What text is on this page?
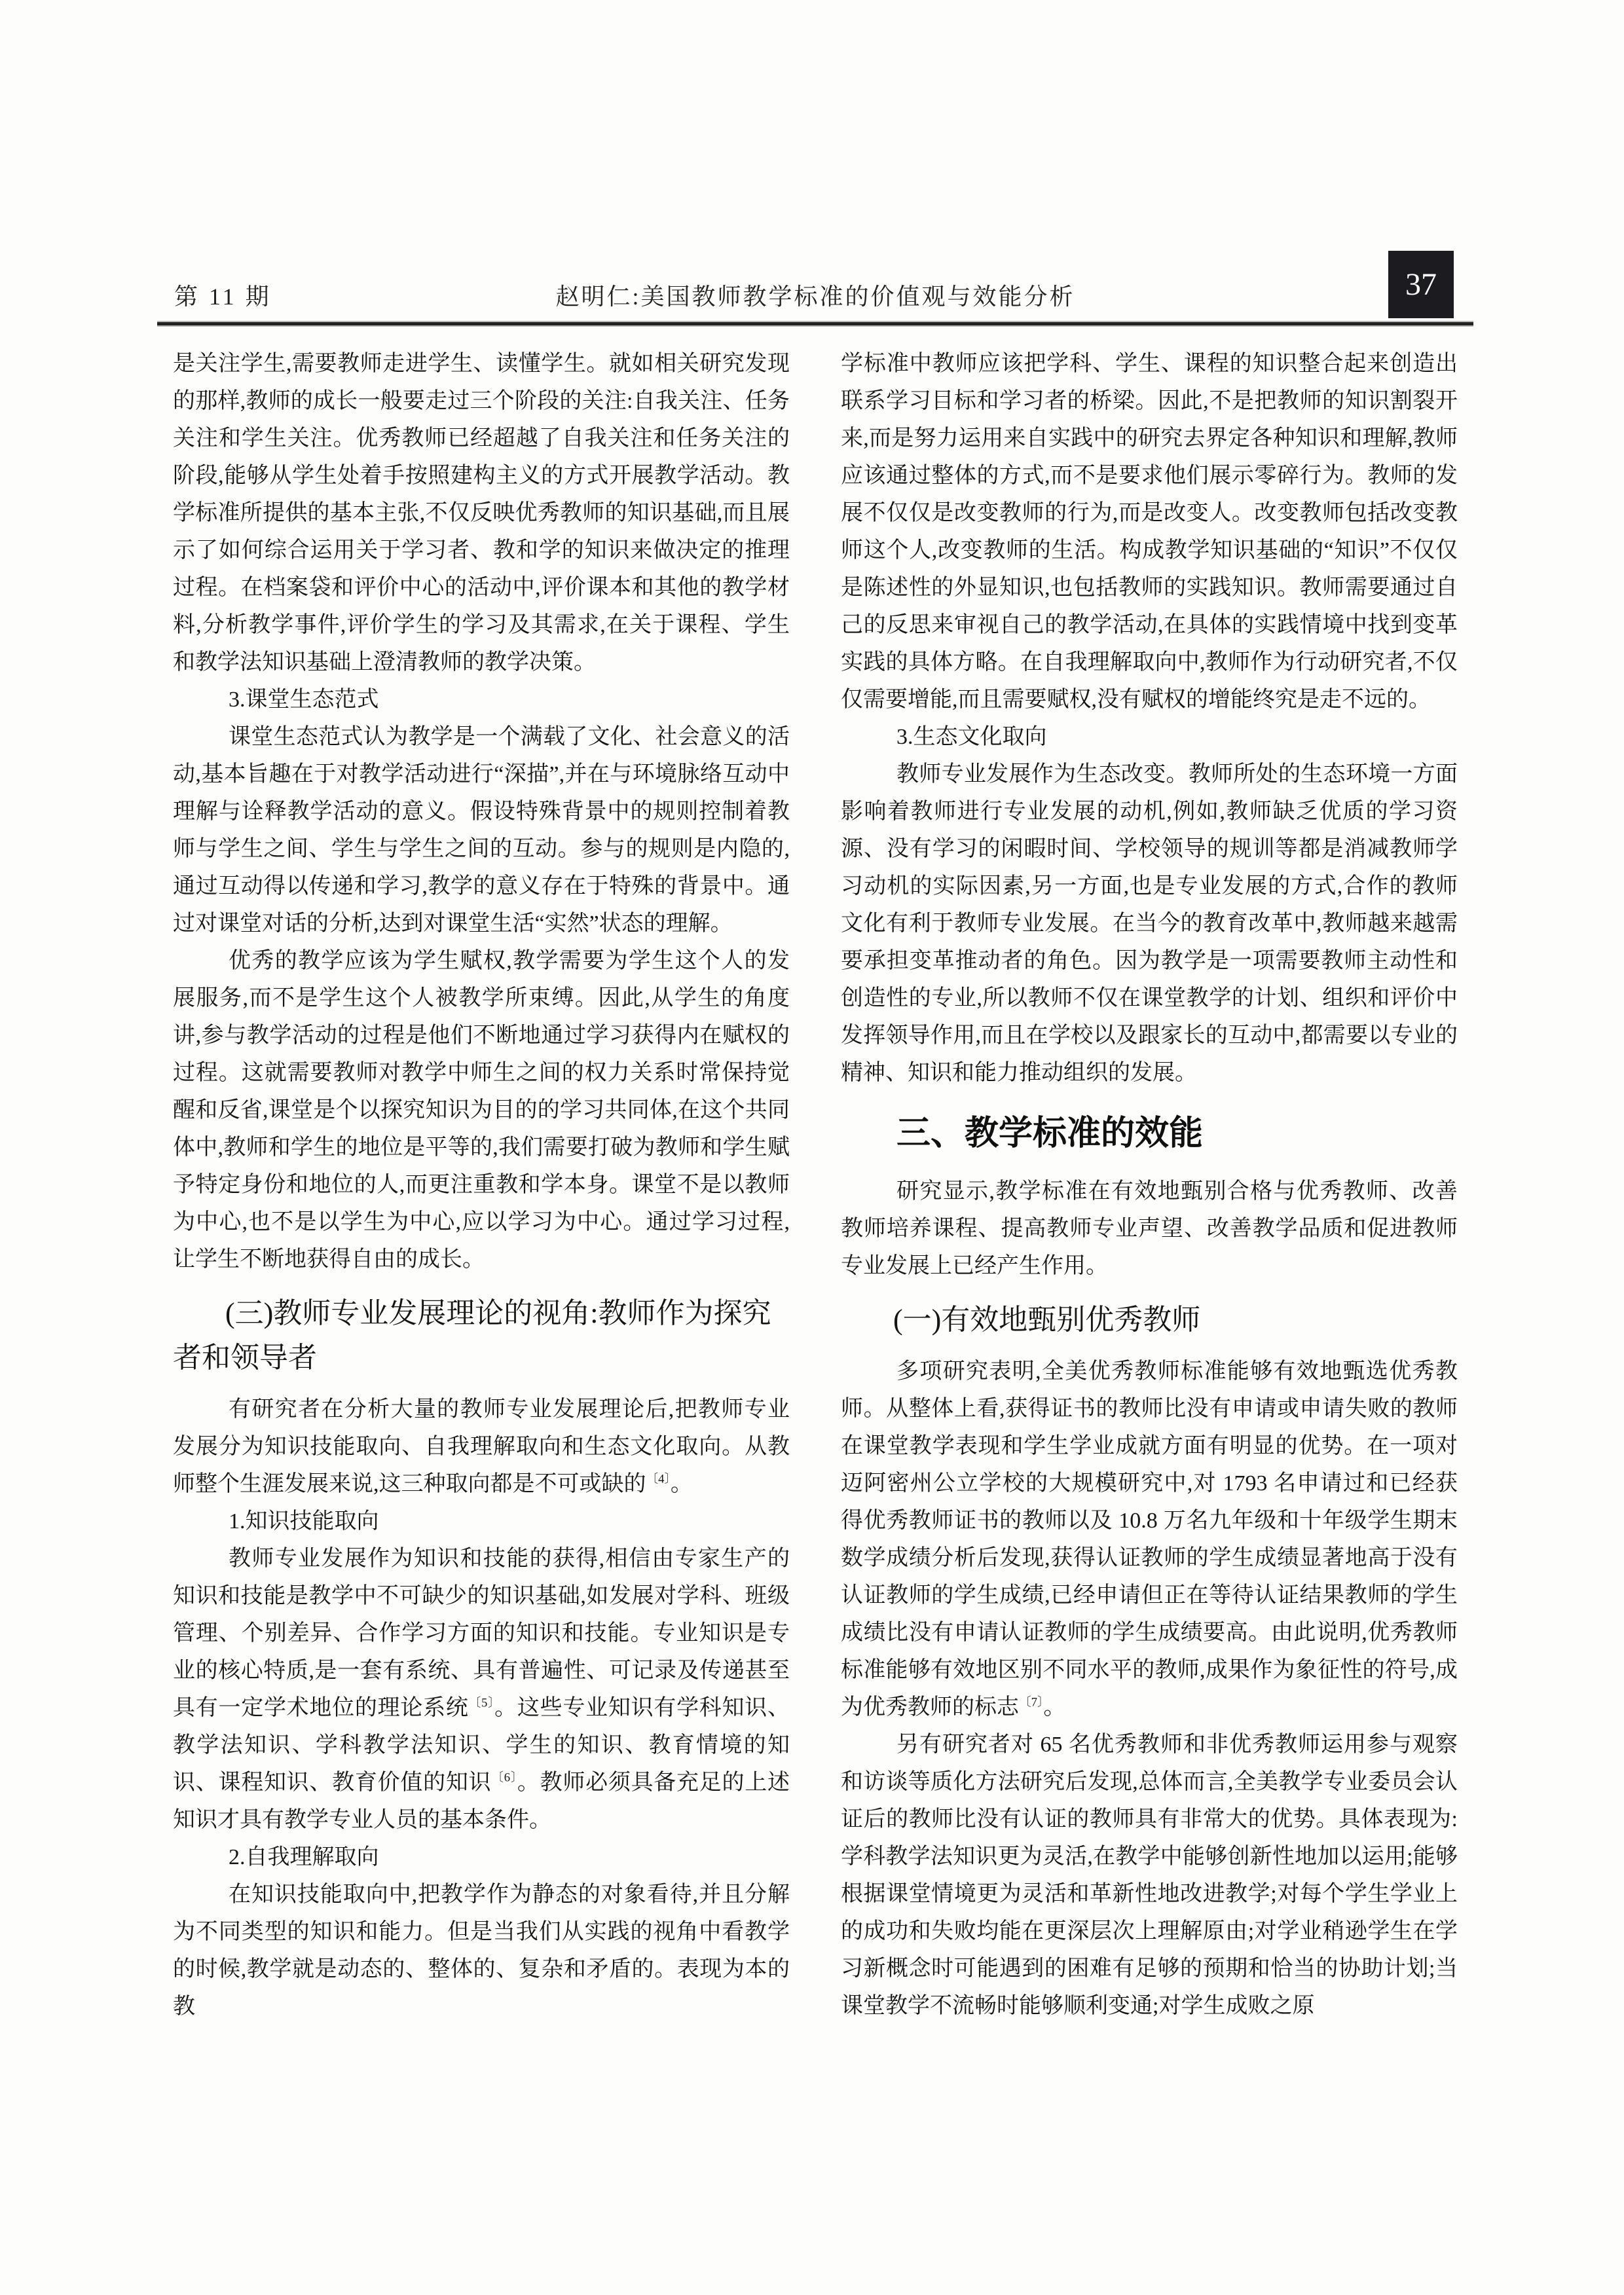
第 11 期	赵明仁:美国教师教学标准的价值观与效能分析	37

是关注学生,需要教师走进学生、读懂学生。就如相关研究发现的那样,教师的成长一般要走过三个阶段的关注:自我关注、任务关注和学生关注。优秀教师已经超越了自我关注和任务关注的阶段,能够从学生处着手按照建构主义的方式开展教学活动。教学标准所提供的基本主张,不仅反映优秀教师的知识基础,而且展示了如何综合运用关于学习者、教和学的知识来做决定的推理过程。在档案袋和评价中心的活动中,评价课本和其他的教学材料,分析教学事件,评价学生的学习及其需求,在关于课程、学生和教学法知识基础上澄清教师的教学决策。

3.课堂生态范式

课堂生态范式认为教学是一个满载了文化、社会意义的活动,基本旨趣在于对教学活动进行“深描”,并在与环境脉络互动中理解与诠释教学活动的意义。假设特殊背景中的规则控制着教师与学生之间、学生与学生之间的互动。参与的规则是内隐的,通过互动得以传递和学习,教学的意义存在于特殊的背景中。通过对课堂对话的分析,达到对课堂生活“实然”状态的理解。

优秀的教学应该为学生赋权,教学需要为学生这个人的发展服务,而不是学生这个人被教学所束缚。因此,从学生的角度讲,参与教学活动的过程是他们不断地通过学习获得内在赋权的过程。这就需要教师对教学中师生之间的权力关系时常保持觉醒和反省,课堂是个以探究知识为目的的学习共同体,在这个共同体中,教师和学生的地位是平等的,我们需要打破为教师和学生赋予特定身份和地位的人,而更注重教和学本身。课堂不是以教师为中心,也不是以学生为中心,应以学习为中心。通过学习过程,让学生不断地获得自由的成长。

(三)教师专业发展理论的视角:教师作为探究者和领导者

有研究者在分析大量的教师专业发展理论后,把教师专业发展分为知识技能取向、自我理解取向和生态文化取向。从教师整个生涯发展来说,这三种取向都是不可或缺的$^{〔4〕}$。

1.知识技能取向

教师专业发展作为知识和技能的获得,相信由专家生产的知识和技能是教学中不可缺少的知识基础,如发展对学科、班级管理、个别差异、合作学习方面的知识和技能。专业知识是专业的核心特质,是一套有系统、具有普遍性、可记录及传递甚至具有一定学术地位的理论系统$^{〔5〕}$。这些专业知识有学科知识、教学法知识、学科教学法知识、学生的知识、教育情境的知识、课程知识、教育价值的知识$^{〔6〕}$。教师必须具备充足的上述知识才具有教学专业人员的基本条件。

2.自我理解取向

在知识技能取向中,把教学作为静态的对象看待,并且分解为不同类型的知识和能力。但是当我们从实践的视角中看教学的时候,教学就是动态的、整体的、复杂和矛盾的。表现为本的教

学标准中教师应该把学科、学生、课程的知识整合起来创造出联系学习目标和学习者的桥梁。因此,不是把教师的知识割裂开来,而是努力运用来自实践中的研究去界定各种知识和理解,教师应该通过整体的方式,而不是要求他们展示零碎行为。教师的发展不仅仅是改变教师的行为,而是改变人。改变教师包括改变教师这个人,改变教师的生活。构成教学知识基础的“知识”不仅仅是陈述性的外显知识,也包括教师的实践知识。教师需要通过自己的反思来审视自己的教学活动,在具体的实践情境中找到变革实践的具体方略。在自我理解取向中,教师作为行动研究者,不仅仅需要增能,而且需要赋权,没有赋权的增能终究是走不远的。

3.生态文化取向

教师专业发展作为生态改变。教师所处的生态环境一方面影响着教师进行专业发展的动机,例如,教师缺乏优质的学习资源、没有学习的闲暇时间、学校领导的规训等都是消减教师学习动机的实际因素,另一方面,也是专业发展的方式,合作的教师文化有利于教师专业发展。在当今的教育改革中,教师越来越需要承担变革推动者的角色。因为教学是一项需要教师主动性和创造性的专业,所以教师不仅在课堂教学的计划、组织和评价中发挥领导作用,而且在学校以及跟家长的互动中,都需要以专业的精神、知识和能力推动组织的发展。

三、教学标准的效能

研究显示,教学标准在有效地甄别合格与优秀教师、改善教师培养课程、提高教师专业声望、改善教学品质和促进教师专业发展上已经产生作用。

(一)有效地甄别优秀教师

多项研究表明,全美优秀教师标准能够有效地甄选优秀教师。从整体上看,获得证书的教师比没有申请或申请失败的教师在课堂教学表现和学生学业成就方面有明显的优势。在一项对迈阿密州公立学校的大规模研究中,对 1793 名申请过和已经获得优秀教师证书的教师以及 10.8 万名九年级和十年级学生期末数学成绩分析后发现,获得认证教师的学生成绩显著地高于没有认证教师的学生成绩,已经申请但正在等待认证结果教师的学生成绩比没有申请认证教师的学生成绩要高。由此说明,优秀教师标准能够有效地区别不同水平的教师,成果作为象征性的符号,成为优秀教师的标志$^{〔7〕}$。

另有研究者对 65 名优秀教师和非优秀教师运用参与观察和访谈等质化方法研究后发现,总体而言,全美教学专业委员会认证后的教师比没有认证的教师具有非常大的优势。具体表现为:学科教学法知识更为灵活,在教学中能够创新性地加以运用;能够根据课堂情境更为灵活和革新性地改进教学;对每个学生学业上的成功和失败均能在更深层次上理解原由;对学业稍逊学生在学习新概念时可能遇到的困难有足够的预期和恰当的协助计划;当课堂教学不流畅时能够顺利变通;对学生成败之原
